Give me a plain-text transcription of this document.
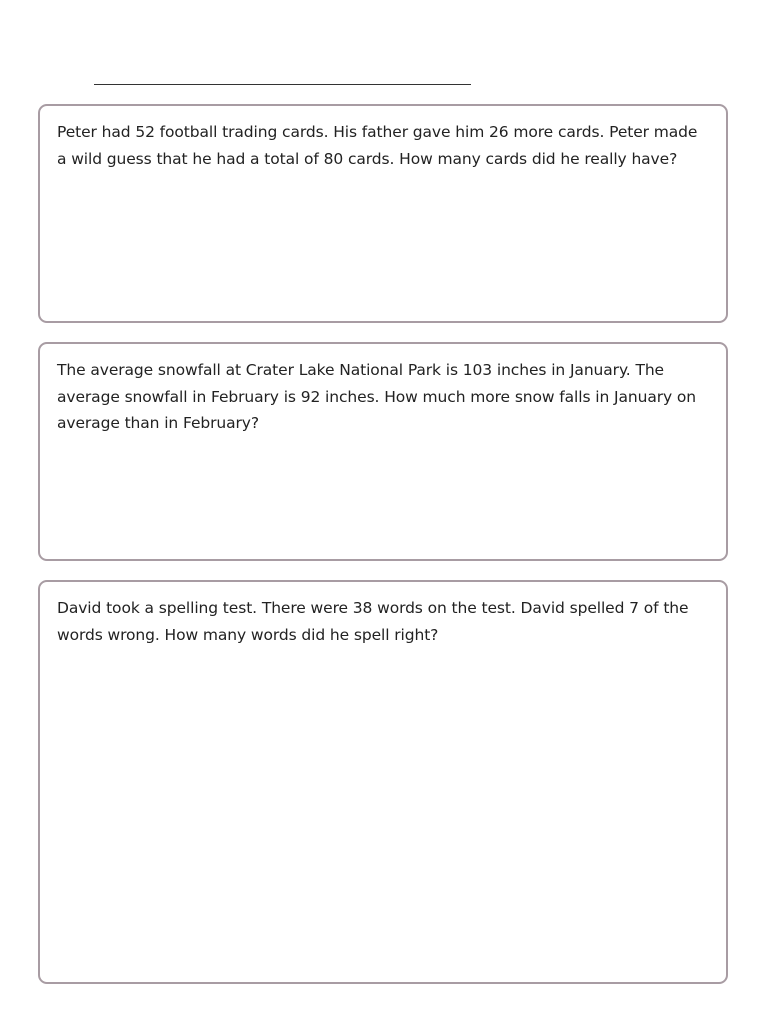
Peter had 52 football trading cards. His father gave him 26 more cards. Peter made a wild guess that he had a total of 80 cards. How many cards did he really have?

The average snowfall at Crater Lake National Park is 103 inches in January. The average snowfall in February is 92 inches. How much more snow falls in January on average than in February?

David took a spelling test. There were 38 words on the test. David spelled 7 of the words wrong. How many words did he spell right?
